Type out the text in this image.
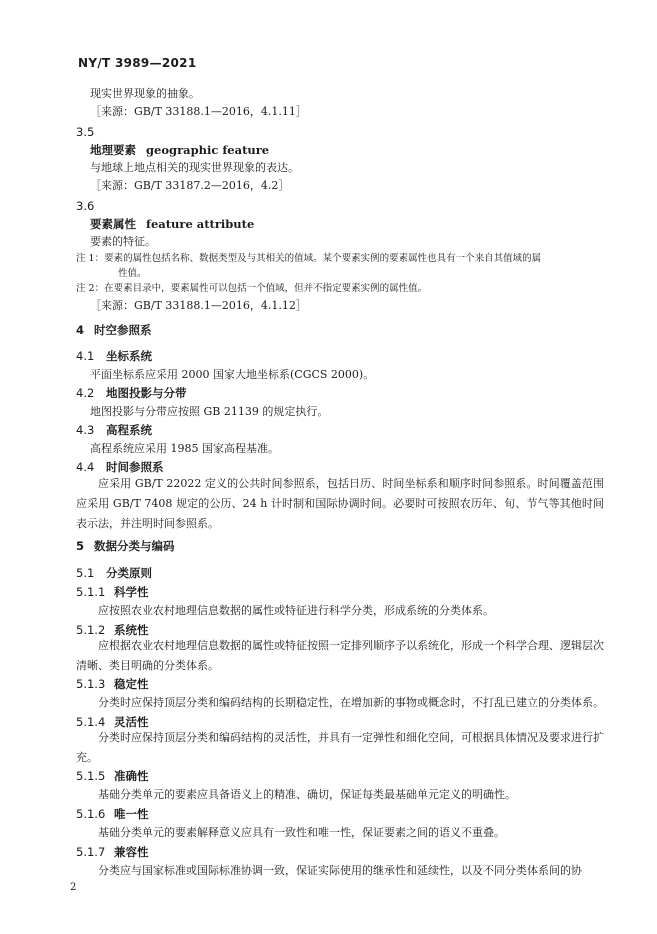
NY/T 3989—2021
现实世界现象的抽象。
［来源：GB/T 33188.1—2016，4.1.11］
3.5
地理要素 geographic feature
与地球上地点相关的现实世界现象的表达。
［来源：GB/T 33187.2—2016，4.2］
3.6
要素属性 feature attribute
要素的特征。
注 1：要素的属性包括名称、数据类型及与其相关的值域。某个要素实例的要素属性也具有一个来自其值域的属
性值。
注 2：在要素目录中，要素属性可以包括一个值域，但并不指定要素实例的属性值。
［来源：GB/T 33188.1—2016，4.1.12］
4 时空参照系
4.1 坐标系统
平面坐标系应采用 2000 国家大地坐标系(CGCS 2000)。
4.2 地图投影与分带
地图投影与分带应按照 GB 21139 的规定执行。
4.3 高程系统
高程系统应采用 1985 国家高程基准。
4.4 时间参照系
应采用 GB/T 22022 定义的公共时间参照系，包括日历、时间坐标系和顺序时间参照系。时间覆盖范围应采用 GB/T 7408 规定的公历、24 h 计时制和国际协调时间。必要时可按照农历年、旬、节气等其他时间表示法，并注明时间参照系。
5 数据分类与编码
5.1 分类原则
5.1.1 科学性
应按照农业农村地理信息数据的属性或特征进行科学分类，形成系统的分类体系。
5.1.2 系统性
应根据农业农村地理信息数据的属性或特征按照一定排列顺序予以系统化，形成一个科学合理、逻辑层次清晰、类目明确的分类体系。
5.1.3 稳定性
分类时应保持顶层分类和编码结构的长期稳定性，在增加新的事物或概念时，不打乱已建立的分类体系。
5.1.4 灵活性
分类时应保持顶层分类和编码结构的灵活性，并具有一定弹性和细化空间，可根据具体情况及要求进行扩充。
5.1.5 准确性
基础分类单元的要素应具备语义上的精准、确切，保证每类最基础单元定义的明确性。
5.1.6 唯一性
基础分类单元的要素解释意义应具有一致性和唯一性，保证要素之间的语义不重叠。
5.1.7 兼容性
分类应与国家标准或国际标准协调一致，保证实际使用的继承性和延续性，以及不同分类体系间的协
2
